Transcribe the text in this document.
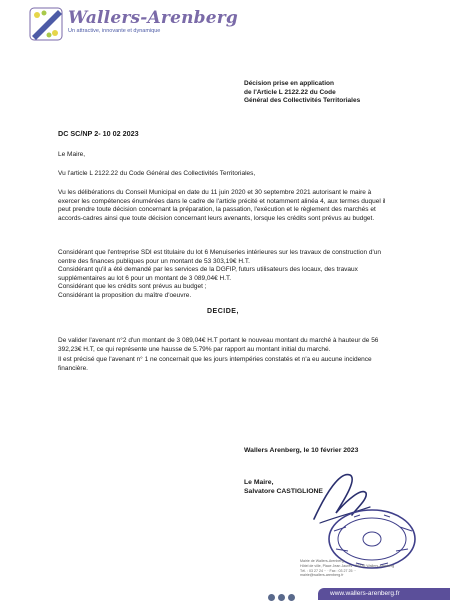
Wallers-Arenberg
Un attractive, innovante et dynamique
Décision prise en application
de l'Article L 2122.22 du Code
Général des Collectivités Territoriales
DC SC/NP 2- 10 02 2023

Le Maire,

Vu l'article L 2122.22 du Code Général des Collectivités Territoriales,

Vu les délibérations du Conseil Municipal en date du 11 juin 2020 et 30 septembre 2021 autorisant le maire à exercer les compétences énumérées dans le cadre de l'article précité et notamment alinéa 4, aux termes duquel il peut prendre toute décision concernant la préparation, la passation, l'exécution et le règlement des marchés et accords-cadres ainsi que toute décision concernant leurs avenants, lorsque les crédits sont prévus au budget.

Considérant que l'entreprise SDI est titulaire du lot 6 Menuiseries intérieures sur les travaux de construction d'un centre des finances publiques pour un montant de 53 303,19€ H.T.

Considérant qu'il a été demandé par les services de la DGFIP, futurs utilisateurs des locaux, des travaux supplémentaires au lot 6 pour un montant de 3 089,04€ H.T.

Considérant que les crédits sont prévus au budget ;

Considérant la proposition du maître d'oeuvre.

DECIDE,

De valider l'avenant n°2 d'un montant de 3 089,04€ H.T portant le nouveau montant du marché à hauteur de 56 392,23€ H.T, ce qui représente une hausse de 5.79% par rapport au montant initial du marché.

Il est précisé que l'avenant n° 1 ne concernait que les jours intempéries constatés et n'a eu aucune incidence financière.

Wallers Arenberg, le 10 février 2023
Le Maire,
Salvatore CASTIGLIONE
Mairie de Wallers-Arenberg
Hôtel de ville, Place Jean Jaurès · 59135 Wallers-Arenberg
Tél. : 03 27 24 ·· · Fax : 03 27 25 ··
mairie@wallers-arenberg.fr
www.wallers-arenberg.fr
